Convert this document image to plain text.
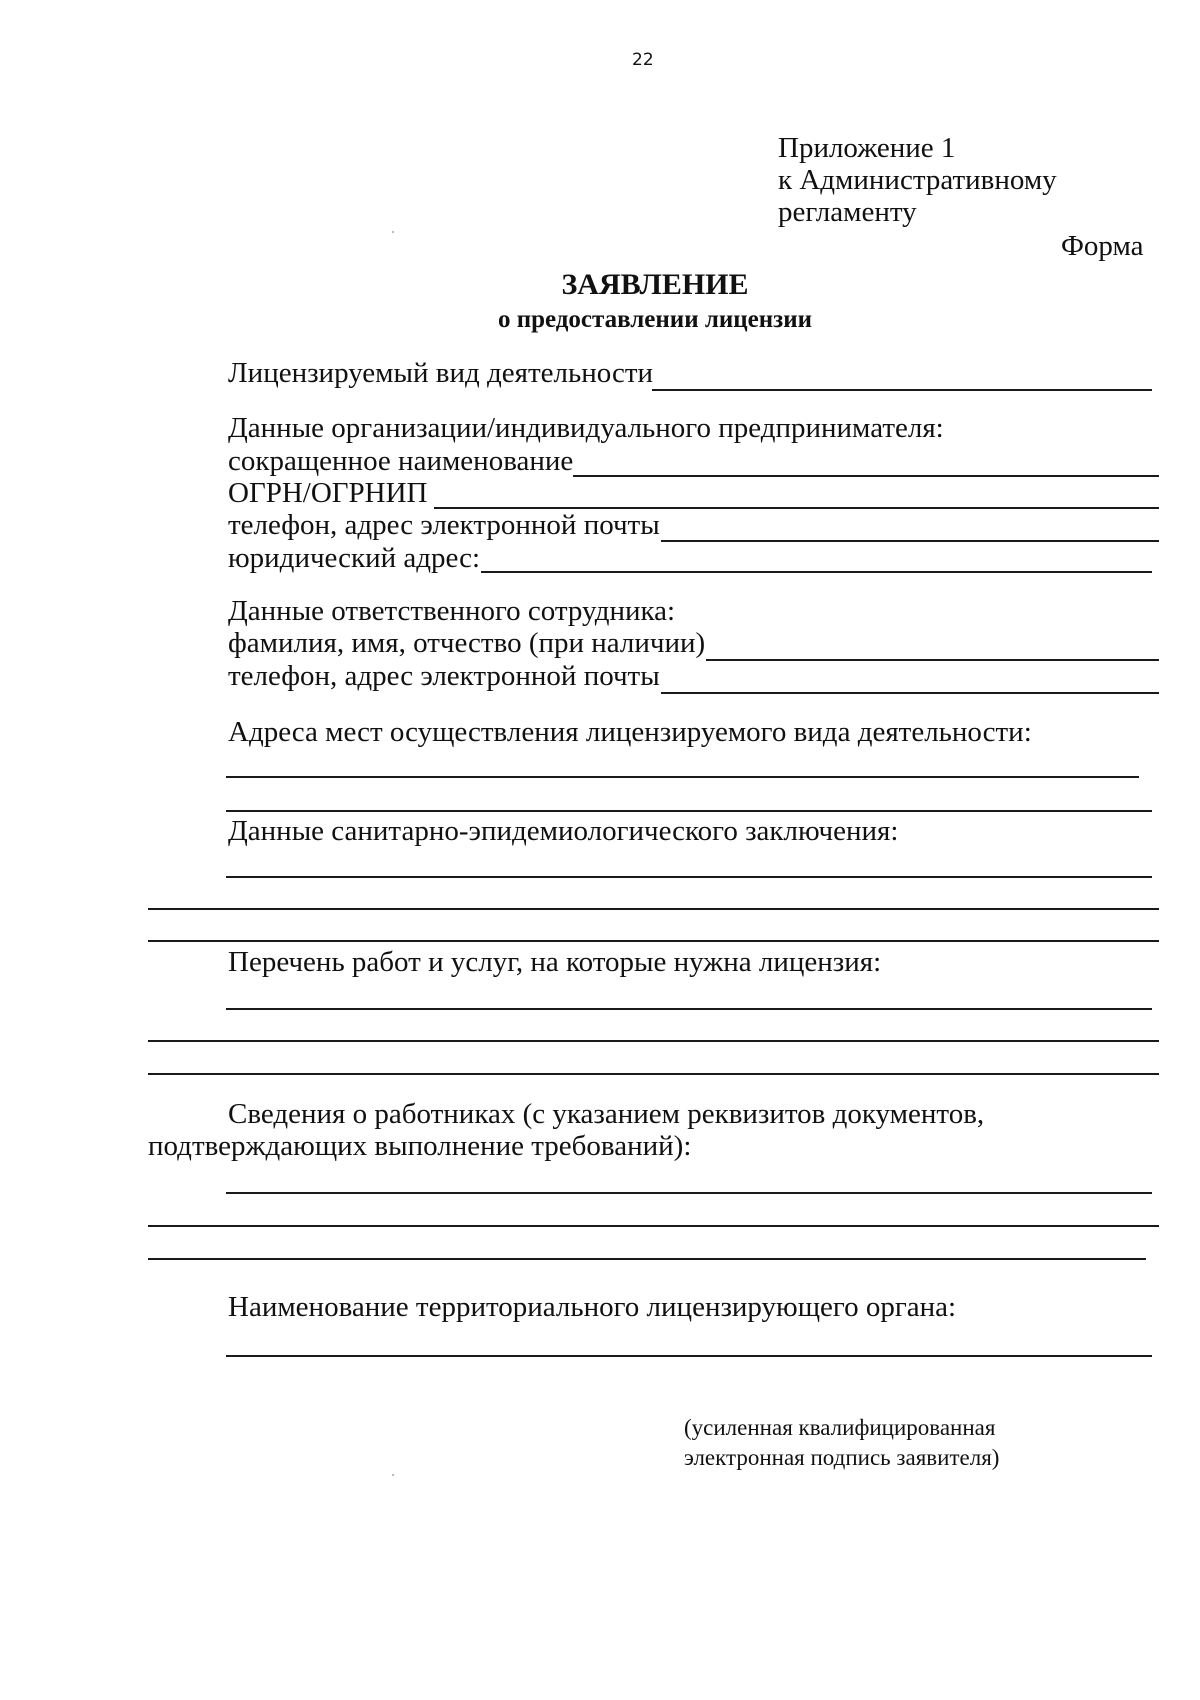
22
Приложение 1
к Административному
регламенту
Форма
ЗАЯВЛЕНИЕ
о предоставлении лицензии
Лицензируемый вид деятельности
Данные организации/индивидуального предпринимателя:
сокращенное наименование
ОГРН/ОГРНИП
телефон, адрес электронной почты
юридический адрес:
Данные ответственного сотрудника:
фамилия, имя, отчество (при наличии)
телефон, адрес электронной почты
Адреса мест осуществления лицензируемого вида деятельности:
Данные санитарно-эпидемиологического заключения:
Перечень работ и услуг, на которые нужна лицензия:
Сведения о работниках (с указанием реквизитов документов,
подтверждающих выполнение требований):
Наименование территориального лицензирующего органа:
(усиленная квалифицированная
электронная подпись заявителя)
